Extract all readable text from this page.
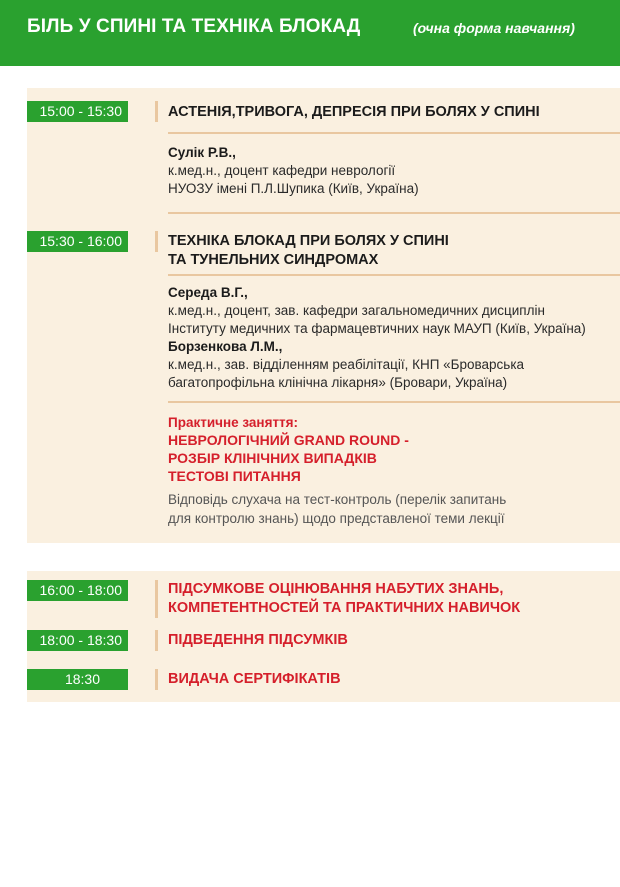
БІЛЬ У СПИНІ ТА ТЕХНІКА БЛОКАД	(очна форма навчання)
15:00 - 15:30	АСТЕНІЯ,ТРИВОГА, ДЕПРЕСІЯ ПРИ БОЛЯХ У СПИНІ
Сулік Р.В.,
к.мед.н., доцент кафедри неврології
НУОЗУ імені П.Л.Шупика (Київ, Україна)
15:30 - 16:00	ТЕХНІКА БЛОКАД ПРИ БОЛЯХ У СПИНІ
ТА ТУНЕЛЬНИХ СИНДРОМАХ
Середа В.Г.,
к.мед.н., доцент, зав. кафедри загальномедичних дисциплін
Інституту медичних та фармацевтичних наук МАУП (Київ, Україна)
Борзенкова Л.М.,
к.мед.н., зав. відділенням реабілітації, КНП «Броварська
багатопрофільна клінічна лікарня» (Бровари, Україна)
Практичне заняття:
НЕВРОЛОГІЧНИЙ GRAND ROUND -
РОЗБІР КЛІНІЧНИХ ВИПАДКІВ
ТЕСТОВІ ПИТАННЯ
Відповідь слухача на тест-контроль (перелік запитань
для контролю знань) щодо представленої теми лекції
16:00 - 18:00	ПІДСУМКОВЕ ОЦІНЮВАННЯ НАБУТИХ ЗНАНЬ,
КОМПЕТЕНТНОСТЕЙ ТА ПРАКТИЧНИХ НАВИЧОК
18:00 - 18:30	ПІДВЕДЕННЯ ПІДСУМКІВ
18:30	ВИДАЧА СЕРТИФІКАТІВ
